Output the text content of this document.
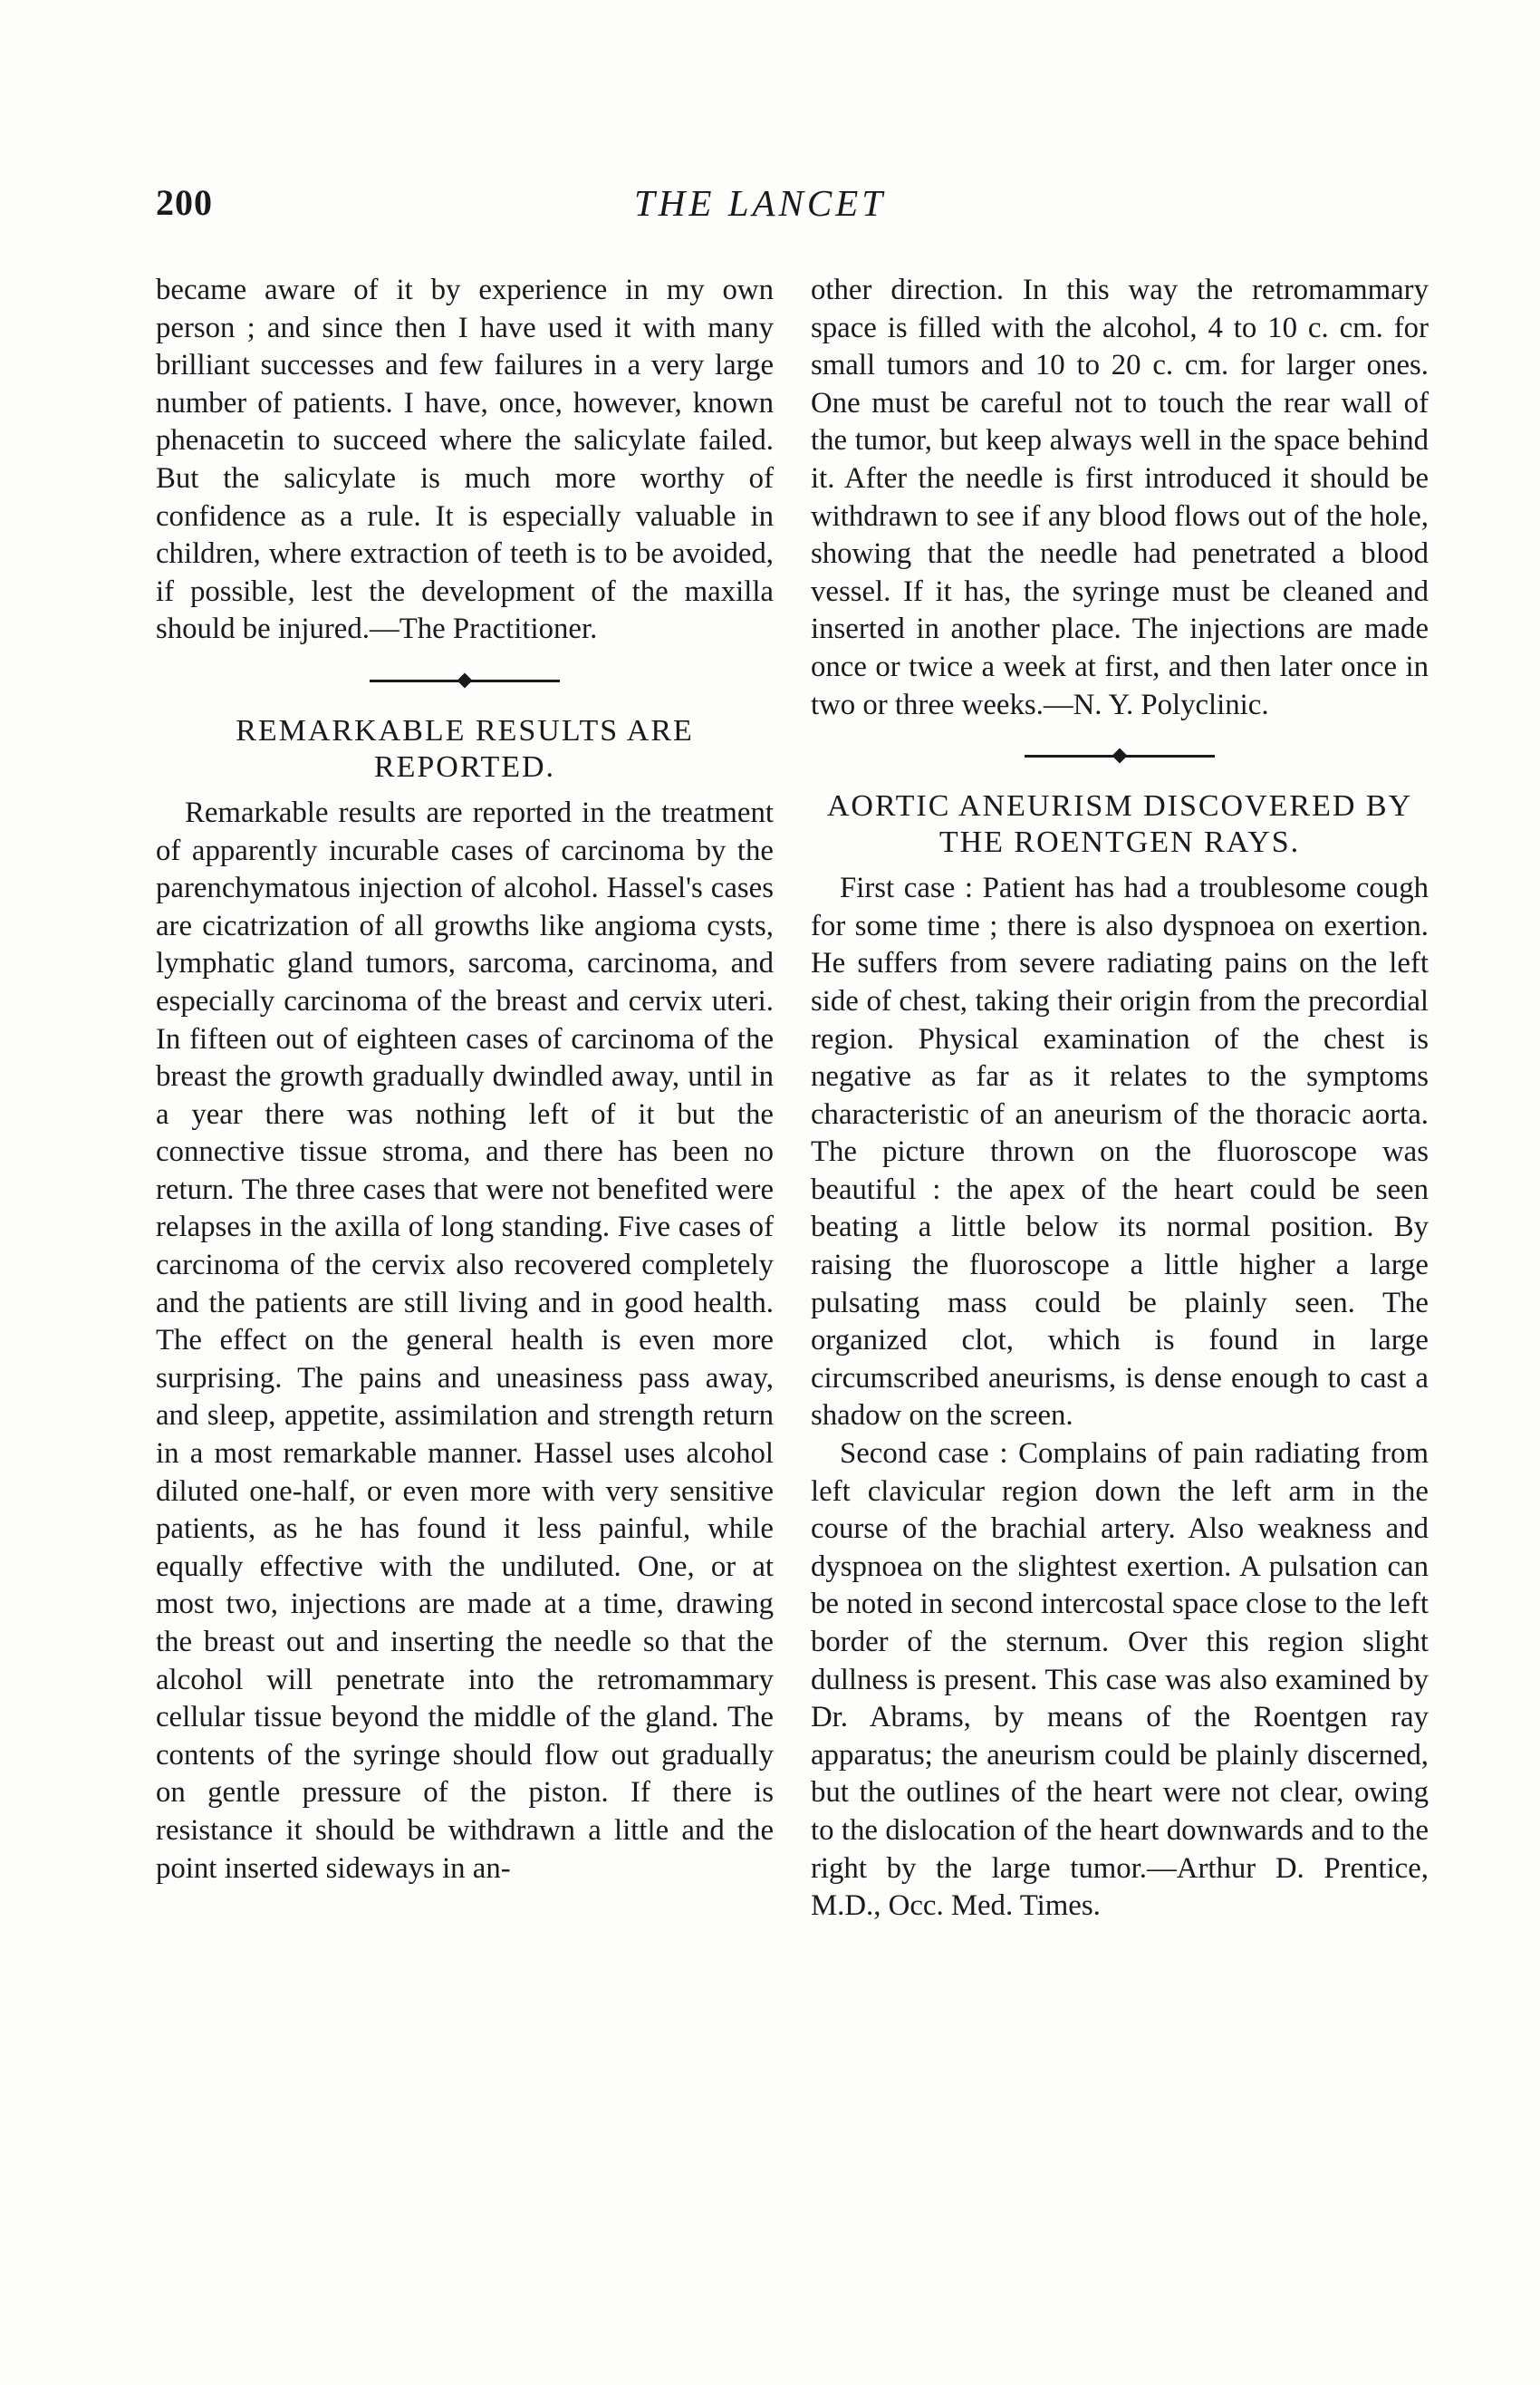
200	THE LANCET

became aware of it by experience in my own person ; and since then I have used it with many brilliant successes and few failures in a very large number of patients. I have, once, however, known phenacetin to succeed where the salicylate failed. But the salicylate is much more worthy of confidence as a rule. It is especially valuable in children, where extraction of teeth is to be avoided, if possible, lest the development of the maxilla should be injured.—The Practitioner.

REMARKABLE RESULTS ARE REPORTED.

Remarkable results are reported in the treatment of apparently incurable cases of carcinoma by the parenchymatous injection of alcohol. Hassel's cases are cicatrization of all growths like angioma cysts, lymphatic gland tumors, sarcoma, carcinoma, and especially carcinoma of the breast and cervix uteri. In fifteen out of eighteen cases of carcinoma of the breast the growth gradually dwindled away, until in a year there was nothing left of it but the connective tissue stroma, and there has been no return. The three cases that were not benefited were relapses in the axilla of long standing. Five cases of carcinoma of the cervix also recovered completely and the patients are still living and in good health. The effect on the general health is even more surprising. The pains and uneasiness pass away, and sleep, appetite, assimilation and strength return in a most remarkable manner. Hassel uses alcohol diluted one-half, or even more with very sensitive patients, as he has found it less painful, while equally effective with the undiluted. One, or at most two, injections are made at a time, drawing the breast out and inserting the needle so that the alcohol will penetrate into the retromammary cellular tissue beyond the middle of the gland. The contents of the syringe should flow out gradually on gentle pressure of the piston. If there is resistance it should be withdrawn a little and the point inserted sideways in an-

other direction. In this way the retromammary space is filled with the alcohol, 4 to 10 c. cm. for small tumors and 10 to 20 c. cm. for larger ones. One must be careful not to touch the rear wall of the tumor, but keep always well in the space behind it. After the needle is first introduced it should be withdrawn to see if any blood flows out of the hole, showing that the needle had penetrated a blood vessel. If it has, the syringe must be cleaned and inserted in another place. The injections are made once or twice a week at first, and then later once in two or three weeks.—N. Y. Polyclinic.

AORTIC ANEURISM DISCOVERED BY THE ROENTGEN RAYS.

First case : Patient has had a troublesome cough for some time ; there is also dyspnoea on exertion. He suffers from severe radiating pains on the left side of chest, taking their origin from the precordial region. Physical examination of the chest is negative as far as it relates to the symptoms characteristic of an aneurism of the thoracic aorta. The picture thrown on the fluoroscope was beautiful : the apex of the heart could be seen beating a little below its normal position. By raising the fluoroscope a little higher a large pulsating mass could be plainly seen. The organized clot, which is found in large circumscribed aneurisms, is dense enough to cast a shadow on the screen.

Second case : Complains of pain radiating from left clavicular region down the left arm in the course of the brachial artery. Also weakness and dyspnoea on the slightest exertion. A pulsation can be noted in second intercostal space close to the left border of the sternum. Over this region slight dullness is present. This case was also examined by Dr. Abrams, by means of the Roentgen ray apparatus; the aneurism could be plainly discerned, but the outlines of the heart were not clear, owing to the dislocation of the heart downwards and to the right by the large tumor.—Arthur D. Prentice, M.D., Occ. Med. Times.
